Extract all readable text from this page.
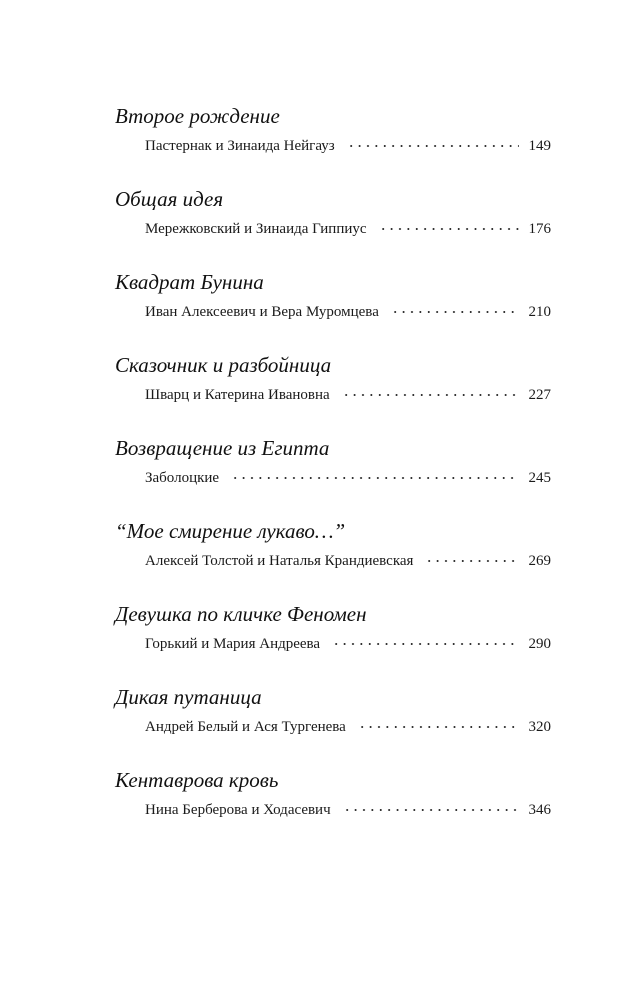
Второе рождение
Пастернак и Зинаида Нейгауз	149
Общая идея
Мережковский и Зинаида Гиппиус	176
Квадрат Бунина
Иван Алексеевич и Вера Муромцева	210
Сказочник и разбойница
Шварц и Катерина Ивановна	227
Возвращение из Египта
Заболоцкие	245
“Мое смирение лукаво…”
Алексей Толстой и Наталья Крандиевская	269
Девушка по кличке Феномен
Горький и Мария Андреева	290
Дикая путаница
Андрей Белый и Ася Тургенева	320
Кентаврова кровь
Нина Берберова и Ходасевич	346
